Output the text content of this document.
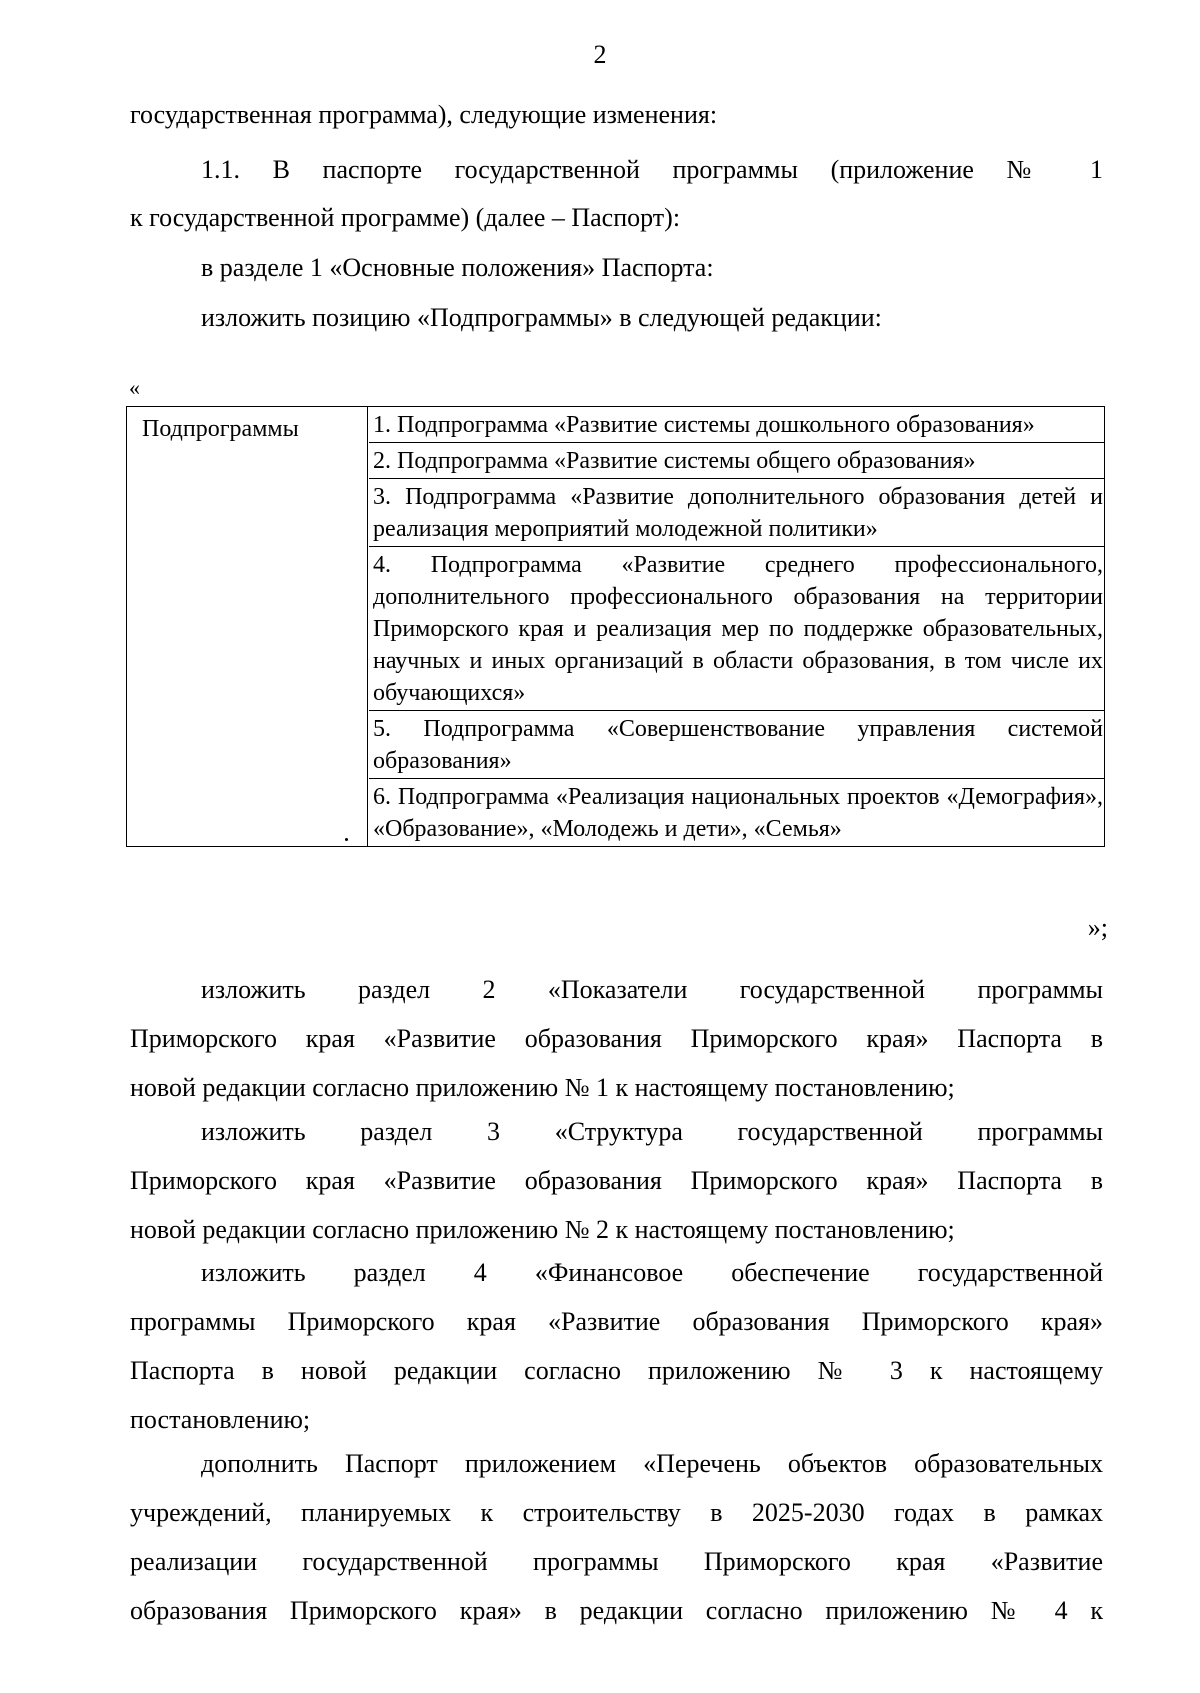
2
государственная программа), следующие изменения:
1.1. В паспорте государственной программы (приложение № 1
к государственной программе) (далее – Паспорт):
в разделе 1 «Основные положения» Паспорта:
изложить позицию «Подпрограммы» в следующей редакции:
«
Подпрограммы	1. Подпрограмма «Развитие системы дошкольного образования»
2. Подпрограмма «Развитие системы общего образования»
3. Подпрограмма «Развитие дополнительного образования детей и реализация мероприятий молодежной политики»
4. Подпрограмма «Развитие среднего профессионального, дополнительного профессионального образования на территории Приморского края и реализация мер по поддержке образовательных, научных и иных организаций в области образования, в том числе их обучающихся»
5. Подпрограмма «Совершенствование управления системой образования»
6. Подпрограмма «Реализация национальных проектов «Демография», «Образование», «Молодежь и дети», «Семья»
»;
изложить раздел 2 «Показатели государственной программы
Приморского края «Развитие образования Приморского края» Паспорта в
новой редакции согласно приложению № 1 к настоящему постановлению;
изложить раздел 3 «Структура государственной программы
Приморского края «Развитие образования Приморского края» Паспорта в
новой редакции согласно приложению № 2 к настоящему постановлению;
изложить раздел 4 «Финансовое обеспечение государственной
программы Приморского края «Развитие образования Приморского края»
Паспорта в новой редакции согласно приложению № 3 к настоящему
постановлению;
дополнить Паспорт приложением «Перечень объектов образовательных
учреждений, планируемых к строительству в 2025-2030 годах в рамках
реализации государственной программы Приморского края «Развитие
образования Приморского края» в редакции согласно приложению № 4 к
